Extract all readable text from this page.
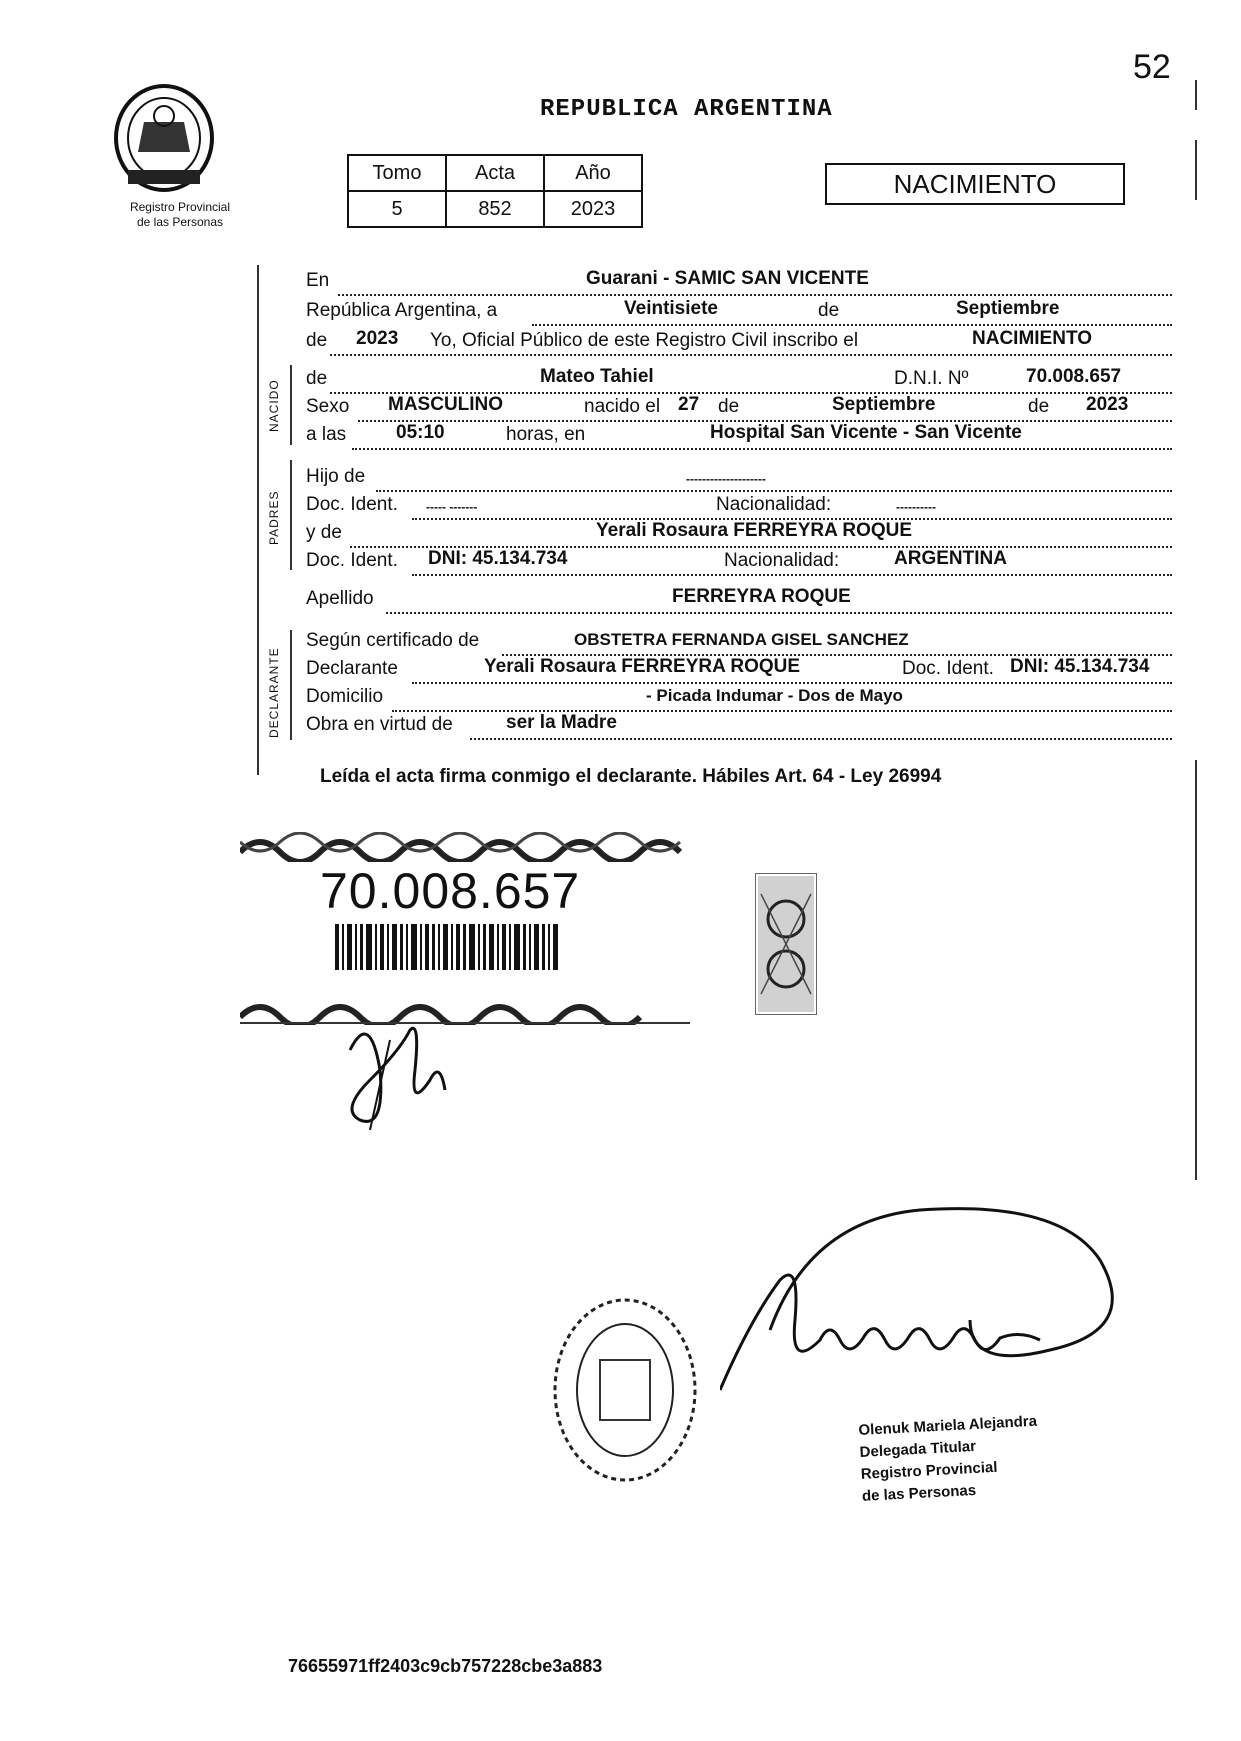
52
REPUBLICA ARGENTINA
Registro Provincial
de las Personas
Tomo	Acta	Año
5	852	2023
NACIMIENTO
NACIDO
PADRES
DECLARANTE
En	Guarani - SAMIC SAN VICENTE
República Argentina, a	Veintisiete	de	Septiembre
de 2023 Yo, Oficial Público de este Registro Civil inscribo el	NACIMIENTO
de	Mateo Tahiel	D.N.I. Nº	70.008.657
Sexo MASCULINO	nacido el 27 de	Septiembre	de 2023
a las	05:10	horas, en	Hospital San Vicente - San Vicente
Hijo de	--------------------
Doc. Ident. ----- -------	Nacionalidad:	----------
y de	Yerali Rosaura FERREYRA ROQUE
Doc. Ident. DNI: 45.134.734	Nacionalidad:	ARGENTINA
Apellido	FERREYRA ROQUE
Según certificado de	OBSTETRA FERNANDA GISEL SANCHEZ
Declarante	Yerali Rosaura FERREYRA ROQUE	Doc. Ident. DNI: 45.134.734
Domicilio	- Picada Indumar - Dos de Mayo
Obra en virtud de	ser la Madre
Leída el acta firma conmigo el declarante. Hábiles Art. 64 - Ley 26994
70.008.657
Olenuk Mariela Alejandra
Delegada Titular
Registro Provincial
de las Personas
76655971ff2403c9cb757228cbe3a883
